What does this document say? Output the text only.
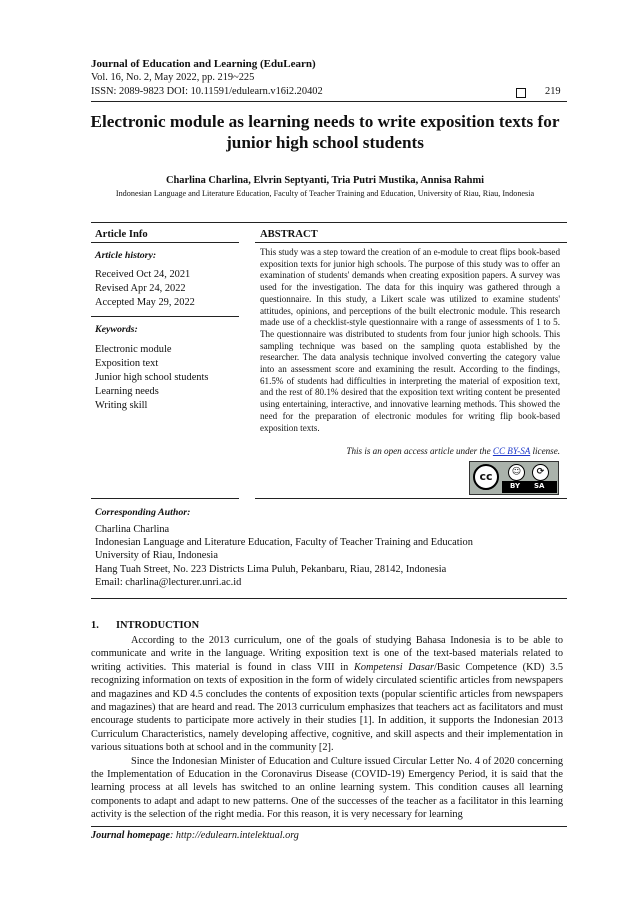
Journal of Education and Learning (EduLearn)
Vol. 16, No. 2, May 2022, pp. 219~225
ISSN: 2089-9823 DOI: 10.11591/edulearn.v16i2.20402	219
Electronic module as learning needs to write exposition texts for
junior high school students
Charlina Charlina, Elvrin Septyanti, Tria Putri Mustika, Annisa Rahmi
Indonesian Language and Literature Education, Faculty of Teacher Training and Education, University of Riau, Riau, Indonesia
Article Info	ABSTRACT
Article history:
Received Oct 24, 2021
Revised Apr 24, 2022
Accepted May 29, 2022
Keywords:
Electronic module
Exposition text
Junior high school students
Learning needs
Writing skill
This study was a step toward the creation of an e-module to creat flips book-based exposition texts for junior high schools. The purpose of this study was to offer an examination of students' demands when creating exposition papers. A survey was used for the investigation. The data for this inquiry was gathered through a questionnaire. In this study, a Likert scale was utilized to examine students' attitudes, opinions, and perceptions of the built electronic module. This research made use of a checklist-style questionnaire with a range of assessments of 1 to 5. The questionnaire was distributed to students from four junior high schools. This sampling technique was based on the sampling quota established by the researcher. The data analysis technique involved converting the category value into an assessment score and examining the result. According to the findings, 61.5% of students had difficulties in interpreting the material of exposition text, and the rest of 80.1% desired that the exposition text writing content be presented using entertaining, interactive, and innovative learning methods. This showed the need for the preparation of electronic modules for writing flip book-based exposition texts.
This is an open access article under the CC BY-SA license.
cc	☺	⟳
BY SA
Corresponding Author:
Charlina Charlina
Indonesian Language and Literature Education, Faculty of Teacher Training and Education
University of Riau, Indonesia
Hang Tuah Street, No. 223 Districts Lima Puluh, Pekanbaru, Riau, 28142, Indonesia
Email: charlina@lecturer.unri.ac.id
1. INTRODUCTION

According to the 2013 curriculum, one of the goals of studying Bahasa Indonesia is to be able to communicate and write in the language. Writing exposition text is one of the text-based materials related to writing activities. This material is found in class VIII in Kompetensi Dasar/Basic Competence (KD) 3.5 recognizing information on texts of exposition in the form of widely circulated scientific articles from newspapers and magazines and KD 4.5 concludes the contents of exposition texts (popular scientific articles from newspapers and magazines) that are heard and read. The 2013 curriculum emphasizes that teachers act as facilitators and must encourage students to participate more actively in their studies [1]. In addition, it supports the Indonesian 2013 Curriculum Characteristics, namely developing affective, cognitive, and skill aspects and their implementation in various situations both at school and in the community [2].

Since the Indonesian Minister of Education and Culture issued Circular Letter No. 4 of 2020 concerning the Implementation of Education in the Coronavirus Disease (COVID-19) Emergency Period, it is said that the learning process at all levels has switched to an online learning system. This condition causes all learning components to adapt and adapt to new patterns. One of the successes of the teacher as a facilitator in this learning activity is the selection of the right media. For this reason, it is very necessary for learning

Journal homepage: http://edulearn.intelektual.org
